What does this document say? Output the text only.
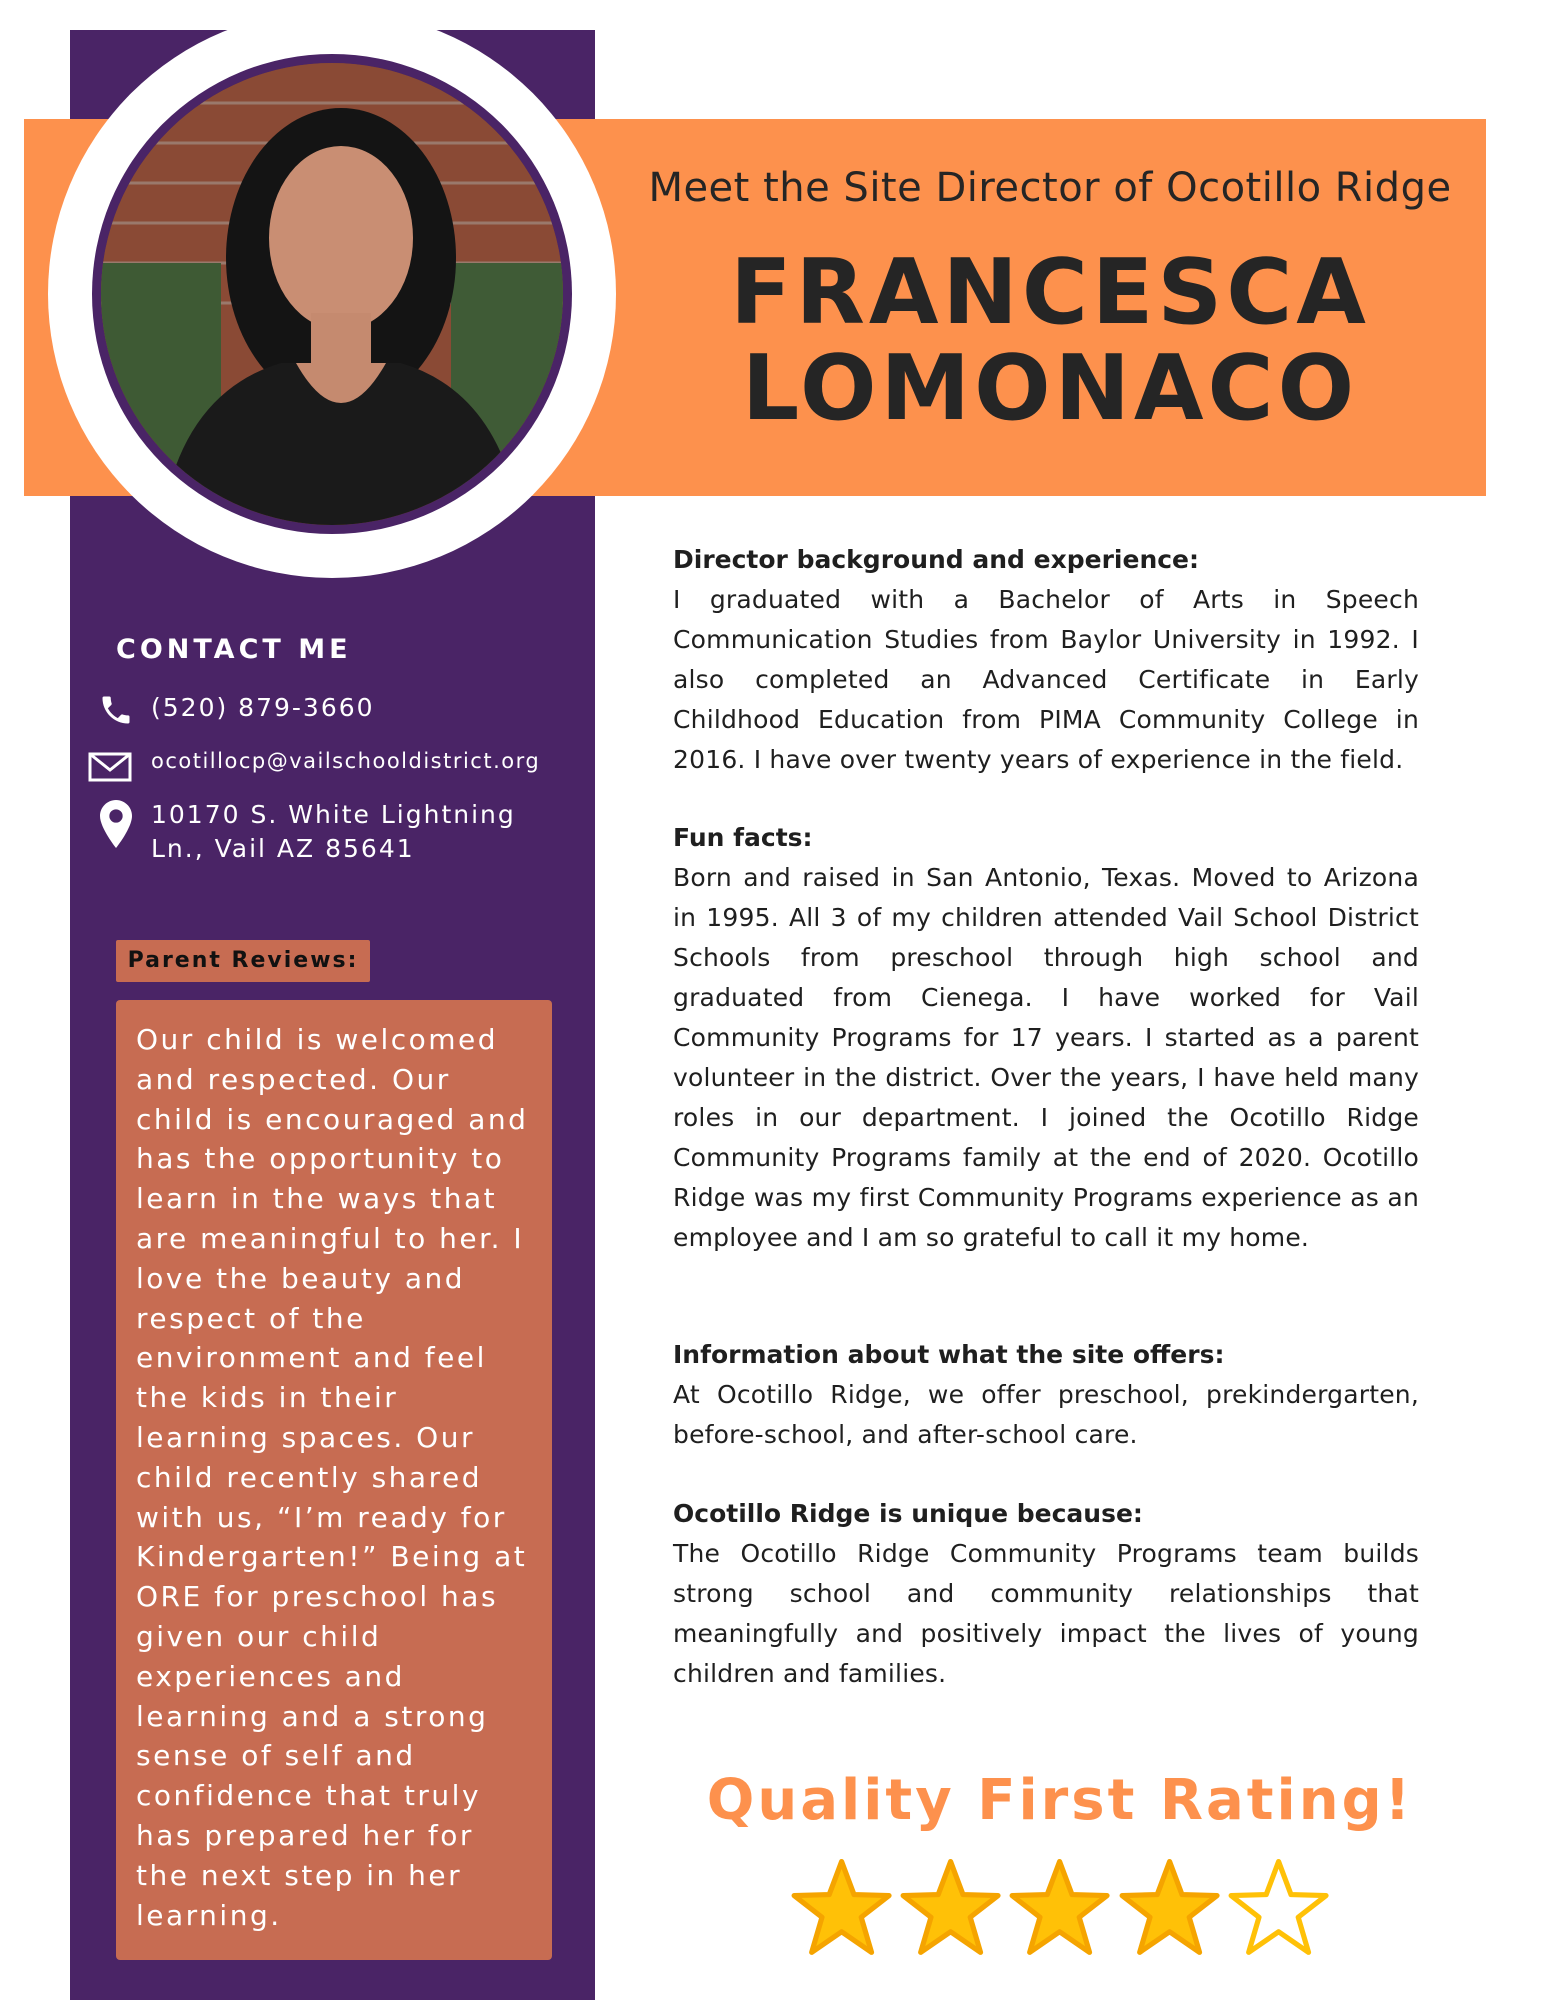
Meet the Site Director of Ocotillo Ridge
FRANCESCA
LOMONACO
CONTACT ME
(520) 879-3660
ocotillocp@vailschooldistrict.org
10170 S. White Lightning
Ln., Vail AZ 85641
Parent Reviews:
Our child is welcomed and respected. Our child is encouraged and has the opportunity to learn in the ways that are meaningful to her. I love the beauty and respect of the environment and feel the kids in their learning spaces. Our child recently shared with us, “I’m ready for Kindergarten!” Being at ORE for preschool has given our child experiences and learning and a strong sense of self and confidence that truly has prepared her for the next step in her learning.
Director background and experience:
I graduated with a Bachelor of Arts in Speech Communication Studies from Baylor University in 1992. I also completed an Advanced Certificate in Early Childhood Education from PIMA Community College in 2016. I have over twenty years of experience in the field.
Fun facts:
Born and raised in San Antonio, Texas. Moved to Arizona in 1995. All 3 of my children attended Vail School District Schools from preschool through high school and graduated from Cienega. I have worked for Vail Community Programs for 17 years. I started as a parent volunteer in the district. Over the years, I have held many roles in our department. I joined the Ocotillo Ridge Community Programs family at the end of 2020. Ocotillo Ridge was my first Community Programs experience as an employee and I am so grateful to call it my home.
Information about what the site offers:
At Ocotillo Ridge, we offer preschool, prekindergarten, before-school, and after-school care.
Ocotillo Ridge is unique because:
The Ocotillo Ridge Community Programs team builds strong school and community relationships that meaningfully and positively impact the lives of young children and families.
Quality First Rating!
